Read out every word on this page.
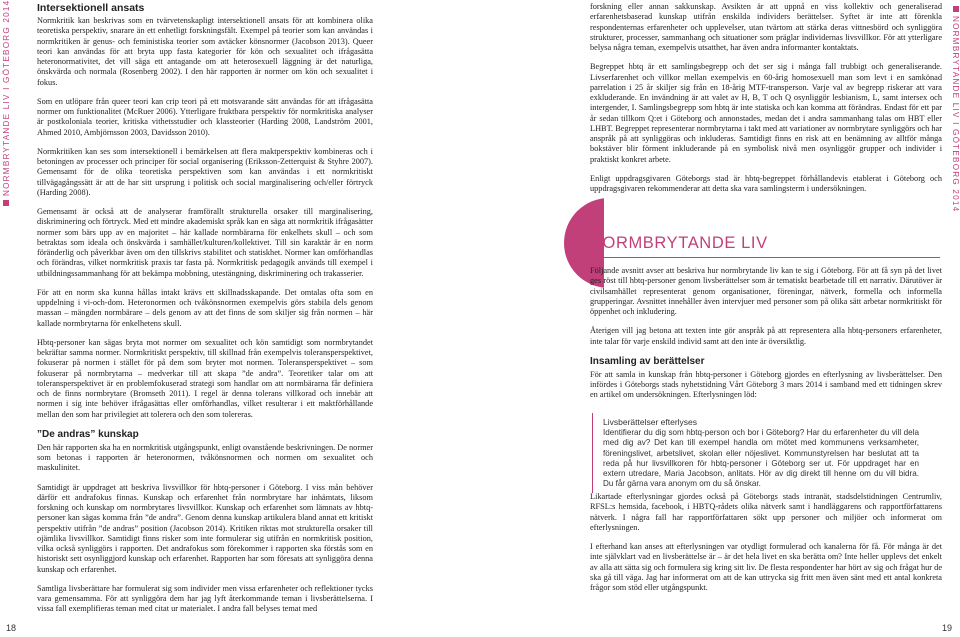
NORMBRYTANDE LIV I GÖTEBORG 2014 Intersektionell ansats

Normkritik kan beskrivas som en tvärvetenskapligt intersektionell ansats för att kombinera olika teoretiska perspektiv, snarare än ett enhetligt forskningsfält. Exempel på teorier som kan användas i normkritiken är genus- och feministiska teorier som avtäcker könsnormer (Jacobson 2013). Queer teori kan användas för att bryta upp fasta kategorier för kön och sexualitet och ifrågasätta heteronormativitet, det vill säga ett antagande om att heterosexuell läggning är det naturliga, önskvärda och normala (Rosenberg 2002). I den här rapporten är normer om kön och sexualitet i fokus.

Som en utlöpare från queer teori kan crip teori på ett motsvarande sätt användas för att ifrågasätta normer om funktionalitet (McRuer 2006). Ytterligare fruktbara perspektiv för normkritiska analyser är postkoloniala teorier, kritiska vithetsstudier och klassteorier (Harding 2008, Landström 2001, Ahmed 2010, Ambjörnsson 2003, Davidsson 2010).

Normkritiken kan ses som intersektionell i bemärkelsen att flera maktperspektiv kombineras och i betoningen av processer och principer för social organisering (Eriksson-Zetterquist & Styhre 2007). Gemensamt för de olika teoretiska perspektiven som kan användas i ett normkritiskt tillvägagångssätt är att de har sitt ursprung i politisk och social marginalisering och/eller förtryck (Harding 2008).

Gemensamt är också att de analyserar framförallt strukturella orsaker till marginalisering, diskriminering och förtryck. Med ett mindre akademiskt språk kan en säga att normkritik ifrågasätter normer som bärs upp av en majoritet – här kallade normbärarna för enkelhets skull – och som betraktas som ideala och önskvärda i samhället/kulturen/kollektivet. Till sin karaktär är en norm föränderlig och påverkbar även om den tillskrivs stabilitet och statiskhet. Normer kan omförhandlas och förändras, vilket normkritisk praxis tar fasta på. Normkritisk pedagogik används till exempel i utbildningssammanhang för att bekämpa mobbning, utestängning, diskriminering och trakasserier.

För att en norm ska kunna hållas intakt krävs ett skillnadsskapande. Det omtalas ofta som en uppdelning i vi-och-dom. Heteronormen och tvåkönsnormen exempelvis görs stabila dels genom massan – mängden normbärare – dels genom av att det finns de som skiljer sig från normen – här kallade normbrytarna för enkelhetens skull.

Hbtq-personer kan sägas bryta mot normer om sexualitet och kön samtidigt som normbrytandet bekräftar samma normer. Normkritiskt perspektiv, till skillnad från exempelvis toleransperspektivet, fokuserar på normen i stället för på dem som bryter mot normen. Toleransperspektivet – som fokuserar på normbrytarna – medverkar till att skapa ”de andra”. Teoretiker talar om att toleransperspektivet är en problemfokuserad strategi som handlar om att normbärarna får definiera och de finns normbrytare (Bromseth 2011). I regel är denna tolerans villkorad och innebär att normen i sig inte behöver ifrågasättas eller omförhandlas, vilket resulterar i ett maktförhållande mellan den som har privilegiet att tolerera och den som tolereras.

”De andras” kunskap

Den här rapporten ska ha en normkritisk utgångspunkt, enligt ovanstående beskrivningen. De normer som betonas i rapporten är heteronormen, tvåkönsnormen och normen om sexualitet och maskulinitet.

Samtidigt är uppdraget att beskriva livsvillkor för hbtq-personer i Göteborg. I viss mån behöver därför ett andrafokus finnas. Kunskap och erfarenhet från normbrytare har inhämtats, liksom forskning och kunskap om normbrytares livsvillkor. Kunskap och erfarenhet som lämnats av hbtq-personer kan sägas komma från ”de andra”. Genom denna kunskap artikulera bland annat ett kritiskt perspektiv utifrån ”de andras” position (Jacobson 2014). Kritiken riktas mot strukturella orsaker till ojämlika livsvillkor. Samtidigt finns risker som inte formulerar sig utifrån en normkritisk position, vilka också synliggörs i rapporten. Det andrafokus som förekommer i rapporten ska förstås som en historiskt sett osynliggjord kunskap och erfarenhet. Rapporten har som föresats att synliggöra denna kunskap och erfarenhet.

Samtliga livsberättare har formulerat sig som individer men vissa erfarenheter och reflektioner tycks vara gemensamma. För att synliggöra dem har jag lyft återkommande teman i livsberättelserna. I vissa fall exemplifieras teman med citat ur materialet. I andra fall belyses temat med

18
NORMBRYTANDE LIV I GÖTEBORG 2014

forskning eller annan sakkunskap. Avsikten är att uppnå en viss kollektiv och generaliserad erfarenhetsbaserad kunskap utifrån enskilda individers berättelser. Syftet är inte att förenkla respondenternas erfarenheter och upplevelser, utan tvärtom att stärka deras vittnesbörd och synliggöra strukturer, processer, sammanhang och situationer som präglar individernas livsvillkor. För att ytterligare belysa några teman, exempelvis utsatthet, har även andra informanter kontaktats.

Begreppet hbtq är ett samlingsbegrepp och det ser sig i många fall trubbigt och generaliserande. Livserfarenhet och villkor mellan exempelvis en 60-årig homosexuell man som levt i en samkönad parrelation i 25 år skiljer sig från en 18-årig MTF-transperson. Varje val av begrepp riskerar att vara exkluderande. En invändning är att valet av H, B, T och Q osynliggör lesbianism, L, samt intersex och intergender, I. Samlingsbegrepp som hbtq är inte statiska och kan komma att förändras. Endast för ett par år sedan tillkom Q:et i Göteborg och annonstades, medan det i andra sammanhang talas om HBT eller LHBT. Begreppet representerar normbrytarna i takt med att variationer av normbrytare synliggörs och har anspråk på att synliggöras och inkluderas. Samtidigt finns en risk att en benämning av alltför många bokstäver blir förment inkluderande på en symbolisk nivå men osynliggör grupper och individer i praktiskt konkret arbete.

Enligt uppdragsgivaren Göteborgs stad är hbtq-begreppet förhållandevis etablerat i Göteborg och uppdragsgivaren rekommenderar att detta ska vara samlingsterm i undersökningen.

NORMBRYTANDE LIV

Följande avsnitt avser att beskriva hur normbrytande liv kan te sig i Göteborg. För att få syn på det livet ges röst till hbtq-personer genom livsberättelser som är tematiskt bearbetade till ett narrativ. Därutöver är civilsamhället representerat genom organisationer, föreningar, nätverk, formella och informella grupperingar. Avsnittet innehåller även intervjuer med personer som på olika sätt arbetar normkritiskt för öppenhet och inkludering.

Återigen vill jag betona att texten inte gör anspråk på att representera alla hbtq-personers erfarenheter, inte talar för varje enskild individ samt att den inte är översiktlig.

Insamling av berättelser

För att samla in kunskap från hbtq-personer i Göteborg gjordes en efterlysning av livsberättelser. Den infördes i Göteborgs stads nyhetstidning Vårt Göteborg 3 mars 2014 i samband med ett tidningen skrev en artikel om undersökningen. Efterlysningen löd:

Livsberättelser efterlyses
Identifierar du dig som hbtq-person och bor i Göteborg? Har du erfarenheter du vill dela med dig av? Det kan till exempel handla om mötet med kommunens verksamheter, föreningslivet, arbetslivet, skolan eller nöjeslivet. Kommunstyrelsen har beslutat att ta reda på hur livsvillkoren för hbtq-personer i Göteborg ser ut. För uppdraget har en extern utredare, Maria Jacobson, anlitats. Hör av dig direkt till henne om du vill bidra. Du får gärna vara anonym om du så önskar.

Likartade efterlysningar gjordes också på Göteborgs stads intranät, stadsdelstidningen Centrumliv, RFSL:s hemsida, facebook, i HBTQ-rådets olika nätverk samt i handläggarens och rapportförfattarens nätverk. I några fall har rapportförfattaren sökt upp personer och miljöer och informerat om efterlysningen.

I efterhand kan anses att efterlysningen var otydligt formulerad och kanalerna för få. För många är det inte självklart vad en livsberättelse är – är det hela livet en ska berätta om? Inte heller upplevs det enkelt av alla att sätta sig och formulera sig kring sitt liv. De flesta respondenter har hört av sig och frågat hur de ska gå till väga. Jag har informerat om att de kan uttrycka sig fritt men även sänt med ett antal konkreta frågor som stöd eller utgångspunkt.

19
